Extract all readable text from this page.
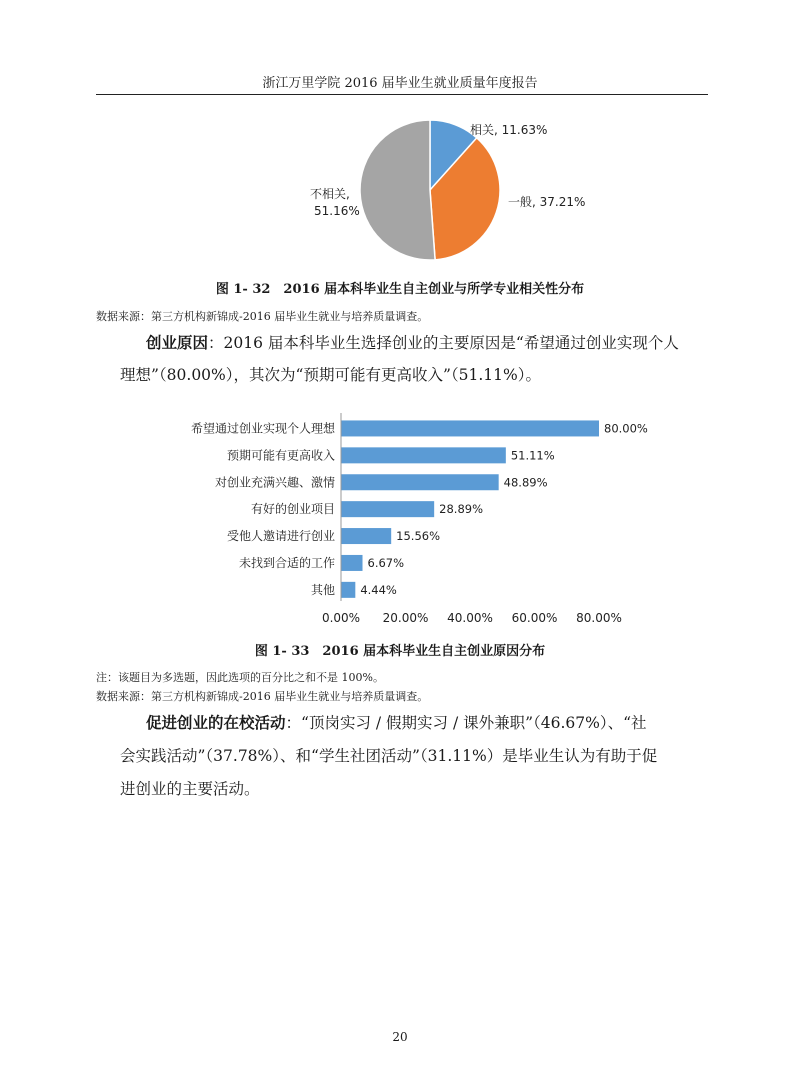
浙江万里学院 2016 届毕业生就业质量年度报告
相关, 11.63%
一般, 37.21%
不相关,
51.16%
图 1- 32　2016 届本科毕业生自主创业与所学专业相关性分布
数据来源：第三方机构新锦成-2016 届毕业生就业与培养质量调查。
创业原因：2016 届本科毕业生选择创业的主要原因是“希望通过创业实现个人
理想”（80.00%），其次为“预期可能有更高收入”（51.11%）。
希望通过创业实现个人理想
预期可能有更高收入
对创业充满兴趣、激情
有好的创业项目
受他人邀请进行创业
未找到合适的工作
其他
80.00%
51.11%
48.89%
28.89%
15.56%
6.67%
4.44%
0.00% 20.00% 40.00% 60.00% 80.00%
图 1- 33　2016 届本科毕业生自主创业原因分布
注：该题目为多选题，因此选项的百分比之和不是 100%。
数据来源：第三方机构新锦成-2016 届毕业生就业与培养质量调查。
促进创业的在校活动：“顶岗实习 / 假期实习 / 课外兼职”（46.67%）、“社
会实践活动”（37.78%）、和“学生社团活动”（31.11%）是毕业生认为有助于促
进创业的主要活动。
20
